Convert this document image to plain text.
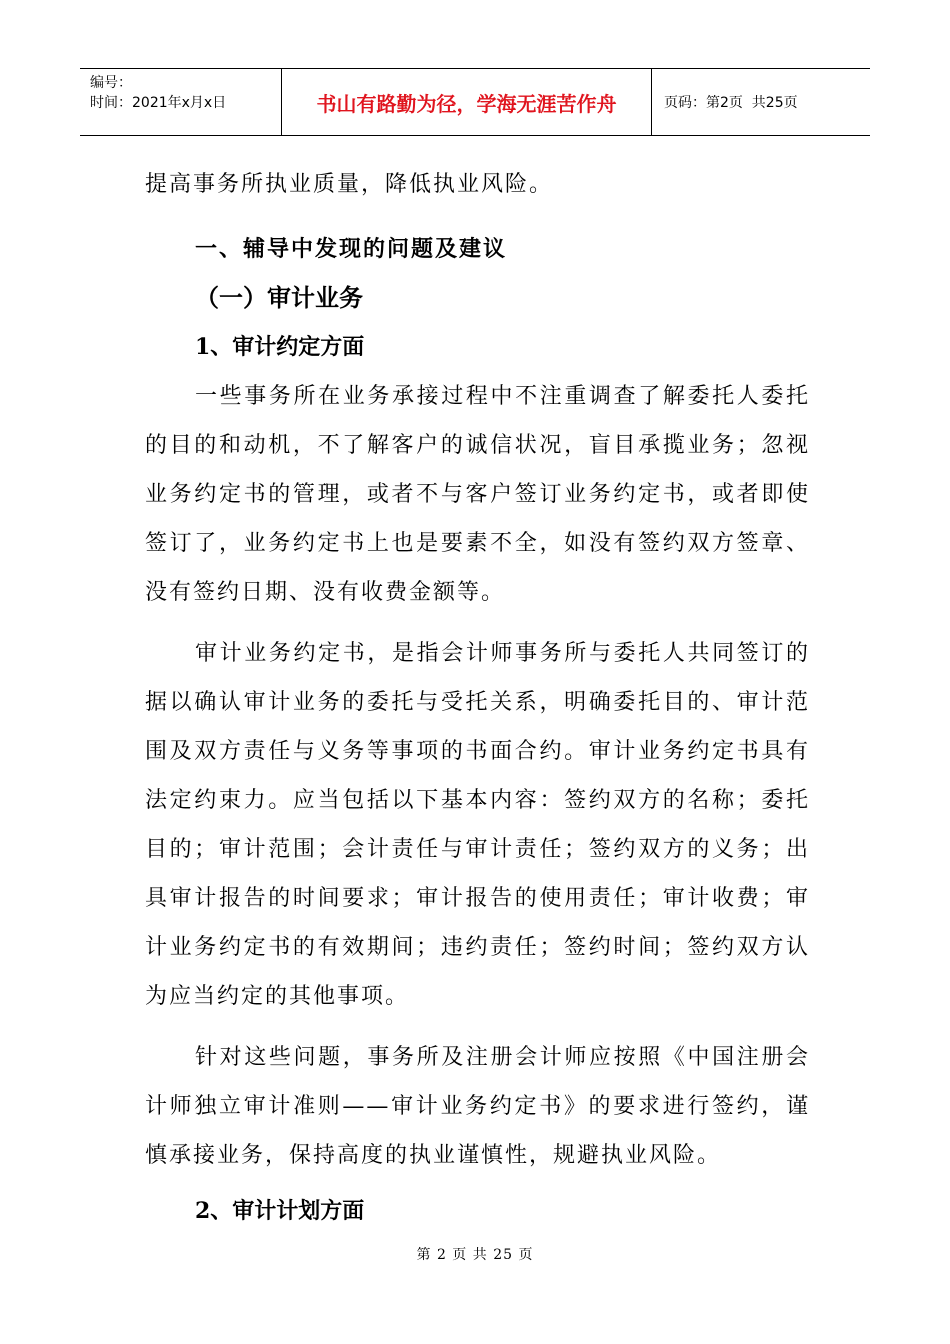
编号：
时间：2021年x月x日	书山有路勤为径，学海无涯苦作舟	页码：第2页  共25页

提高事务所执业质量，降低执业风险。

一、辅导中发现的问题及建议

（一）审计业务

1、审计约定方面

一些事务所在业务承接过程中不注重调查了解委托人委托的目的和动机，不了解客户的诚信状况，盲目承揽业务；忽视业务约定书的管理，或者不与客户签订业务约定书，或者即使签订了，业务约定书上也是要素不全，如没有签约双方签章、没有签约日期、没有收费金额等。

审计业务约定书，是指会计师事务所与委托人共同签订的据以确认审计业务的委托与受托关系，明确委托目的、审计范围及双方责任与义务等事项的书面合约。审计业务约定书具有法定约束力。应当包括以下基本内容：签约双方的名称；委托目的；审计范围；会计责任与审计责任；签约双方的义务；出具审计报告的时间要求；审计报告的使用责任；审计收费；审计业务约定书的有效期间；违约责任；签约时间；签约双方认为应当约定的其他事项。

针对这些问题，事务所及注册会计师应按照《中国注册会计师独立审计准则——审计业务约定书》的要求进行签约，谨慎承接业务，保持高度的执业谨慎性，规避执业风险。

2、审计计划方面

第 2 页 共 25 页
